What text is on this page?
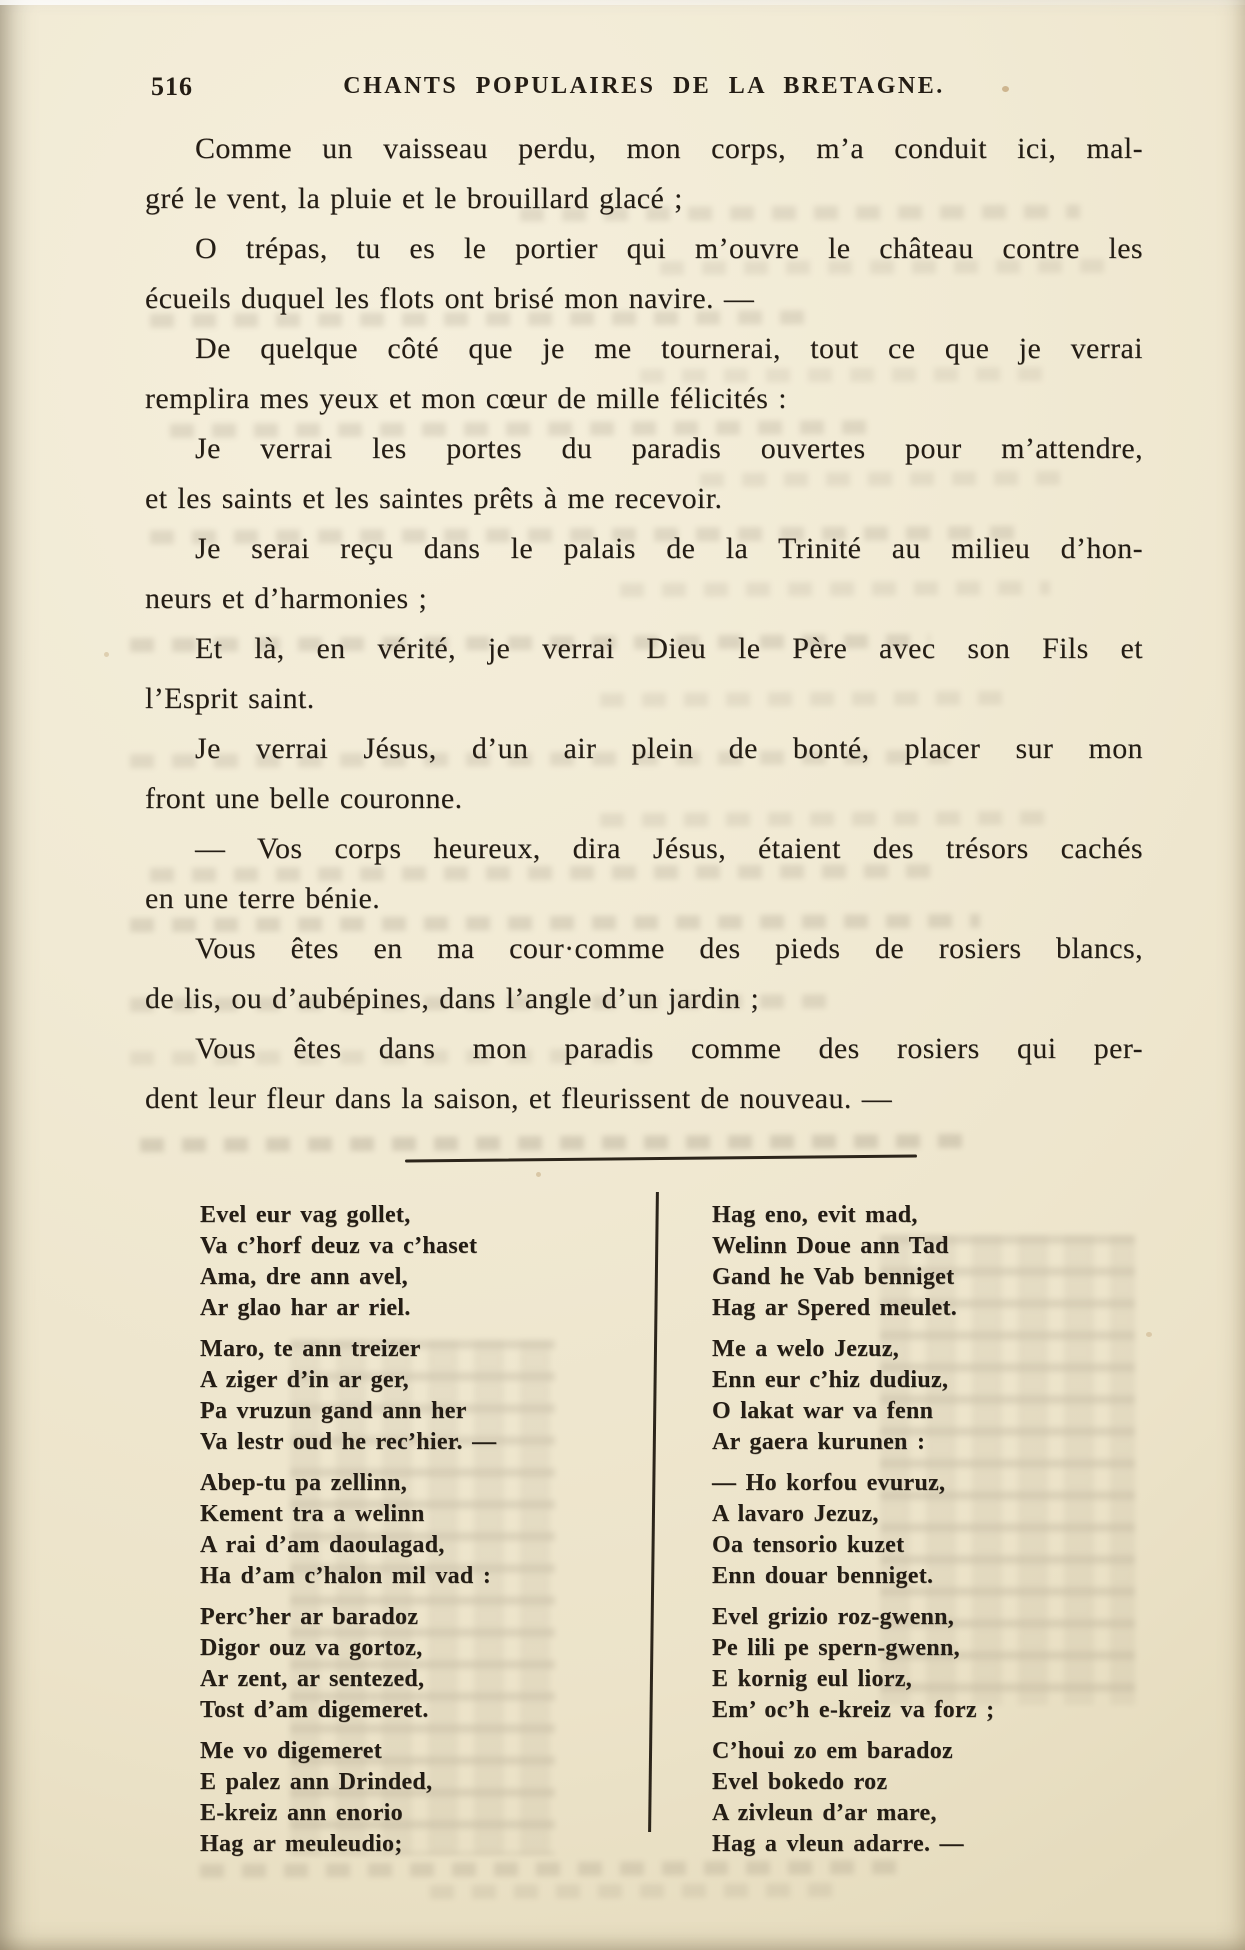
516	CHANTS POPULAIRES DE LA BRETAGNE.
Comme un vaisseau perdu, mon corps, m’a conduit ici, mal-
gré le vent, la pluie et le brouillard glacé ;
O trépas, tu es le portier qui m’ouvre le château contre les
écueils duquel les flots ont brisé mon navire. —
De quelque côté que je me tournerai, tout ce que je verrai
remplira mes yeux et mon cœur de mille félicités :
Je verrai les portes du paradis ouvertes pour m’attendre,
et les saints et les saintes prêts à me recevoir.
Je serai reçu dans le palais de la Trinité au milieu d’hon-
neurs et d’harmonies ;
Et là, en vérité, je verrai Dieu le Père avec son Fils et
l’Esprit saint.
Je verrai Jésus, d’un air plein de bonté, placer sur mon
front une belle couronne.
— Vos corps heureux, dira Jésus, étaient des trésors cachés
en une terre bénie.
Vous êtes en ma cour·comme des pieds de rosiers blancs,
de lis, ou d’aubépines, dans l’angle d’un jardin ;
Vous êtes dans mon paradis comme des rosiers qui per-
dent leur fleur dans la saison, et fleurissent de nouveau. —
Evel eur vag gollet,
Va c’horf deuz va c’haset
Ama, dre ann avel,
Ar glao har ar riel.
Maro, te ann treizer
A ziger d’in ar ger,
Pa vruzun gand ann her
Va lestr oud he rec’hier. —
Abep-tu pa zellinn,
Kement tra a welinn
A rai d’am daoulagad,
Ha d’am c’halon mil vad :
Perc’her ar baradoz
Digor ouz va gortoz,
Ar zent, ar sentezed,
Tost d’am digemeret.
Me vo digemeret
E palez ann Drinded,
E-kreiz ann enorio
Hag ar meuleudio;
Hag eno, evit mad,
Welinn Doue ann Tad
Gand he Vab benniget
Hag ar Spered meulet.
Me a welo Jezuz,
Enn eur c’hiz dudiuz,
O lakat war va fenn
Ar gaera kurunen :
— Ho korfou evuruz,
A lavaro Jezuz,
Oa tensorio kuzet
Enn douar benniget.
Evel grizio roz-gwenn,
Pe lili pe spern-gwenn,
E kornig eul liorz,
Em’ oc’h e-kreiz va forz ;
C’houi zo em baradoz
Evel bokedo roz
A zivleun d’ar mare,
Hag a vleun adarre. —
